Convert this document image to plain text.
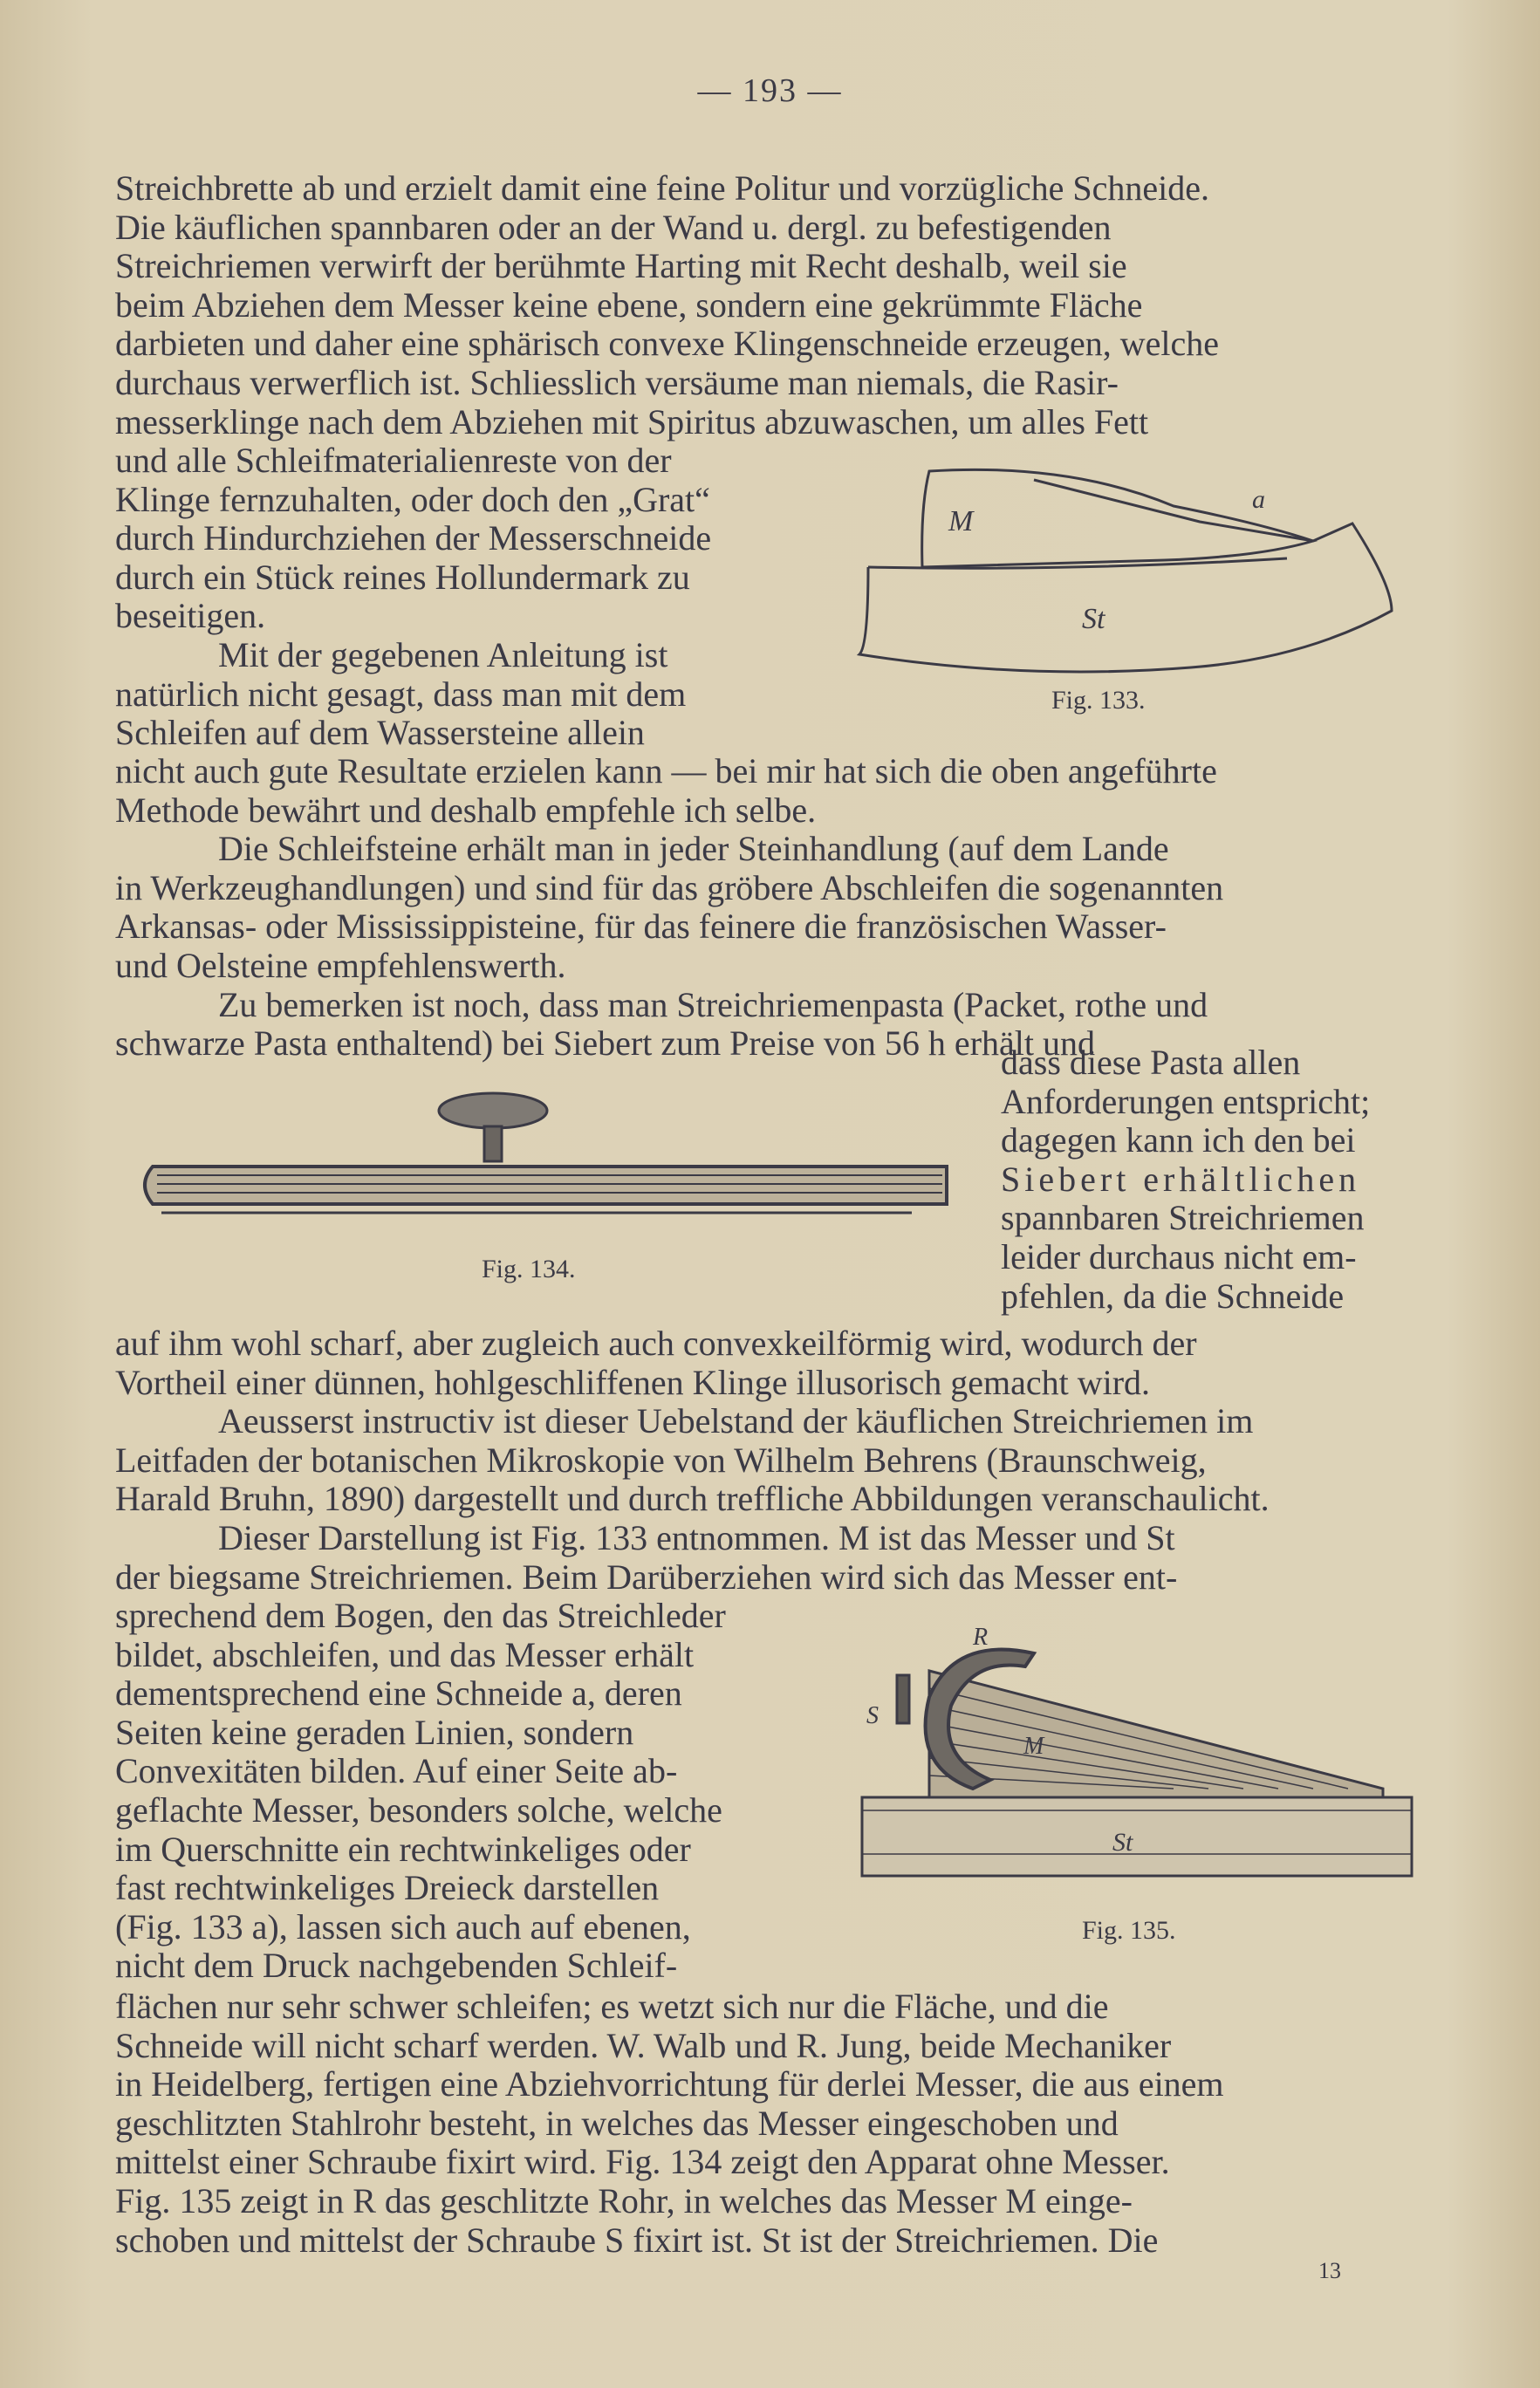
— 193 —
Streichbrette ab und erzielt damit eine feine Politur und vorzügliche Schneide.
Die käuflichen spannbaren oder an der Wand u. dergl. zu befestigenden
Streichriemen verwirft der berühmte Harting mit Recht deshalb, weil sie
beim Abziehen dem Messer keine ebene, sondern eine gekrümmte Fläche
darbieten und daher eine sphärisch convexe Klingenschneide erzeugen, welche
durchaus verwerflich ist. Schliesslich versäume man niemals, die Rasir-
messerklinge nach dem Abziehen mit Spiritus abzuwaschen, um alles Fett
und alle Schleifmaterialienreste von der
Klinge fernzuhalten, oder doch den „Grat“
durch Hindurchziehen der Messerschneide
durch ein Stück reines Hollundermark zu
beseitigen.
Mit der gegebenen Anleitung ist
natürlich nicht gesagt, dass man mit dem
Schleifen auf dem Wassersteine allein
M
a
St
Fig. 133.
nicht auch gute Resultate erzielen kann — bei mir hat sich die oben angeführte
Methode bewährt und deshalb empfehle ich selbe.
Die Schleifsteine erhält man in jeder Steinhandlung (auf dem Lande
in Werkzeughandlungen) und sind für das gröbere Abschleifen die sogenannten
Arkansas- oder Mississippisteine, für das feinere die französischen Wasser-
und Oelsteine empfehlenswerth.
Zu bemerken ist noch, dass man Streichriemenpasta (Packet, rothe und
schwarze Pasta enthaltend) bei Siebert zum Preise von 56 h erhält und
Fig. 134.
dass diese Pasta allen
Anforderungen entspricht;
dagegen kann ich den bei
Siebert erhältlichen
spannbaren Streichriemen
leider durchaus nicht em-
pfehlen, da die Schneide
auf ihm wohl scharf, aber zugleich auch convexkeilförmig wird, wodurch der
Vortheil einer dünnen, hohlgeschliffenen Klinge illusorisch gemacht wird.
Aeusserst instructiv ist dieser Uebelstand der käuflichen Streichriemen im
Leitfaden der botanischen Mikroskopie von Wilhelm Behrens (Braunschweig,
Harald Bruhn, 1890) dargestellt und durch treffliche Abbildungen veranschaulicht.
Dieser Darstellung ist Fig. 133 entnommen. M ist das Messer und St
der biegsame Streichriemen. Beim Darüberziehen wird sich das Messer ent-
sprechend dem Bogen, den das Streichleder
bildet, abschleifen, und das Messer erhält
dementsprechend eine Schneide a, deren
Seiten keine geraden Linien, sondern
Convexitäten bilden. Auf einer Seite ab-
geflachte Messer, besonders solche, welche
im Querschnitte ein rechtwinkeliges oder
fast rechtwinkeliges Dreieck darstellen
(Fig. 133 a), lassen sich auch auf ebenen,
nicht dem Druck nachgebenden Schleif-
R
S
M
St
Fig. 135.
flächen nur sehr schwer schleifen; es wetzt sich nur die Fläche, und die
Schneide will nicht scharf werden. W. Walb und R. Jung, beide Mechaniker
in Heidelberg, fertigen eine Abziehvorrichtung für derlei Messer, die aus einem
geschlitzten Stahlrohr besteht, in welches das Messer eingeschoben und
mittelst einer Schraube fixirt wird. Fig. 134 zeigt den Apparat ohne Messer.
Fig. 135 zeigt in R das geschlitzte Rohr, in welches das Messer M einge-
schoben und mittelst der Schraube S fixirt ist. St ist der Streichriemen. Die
13
